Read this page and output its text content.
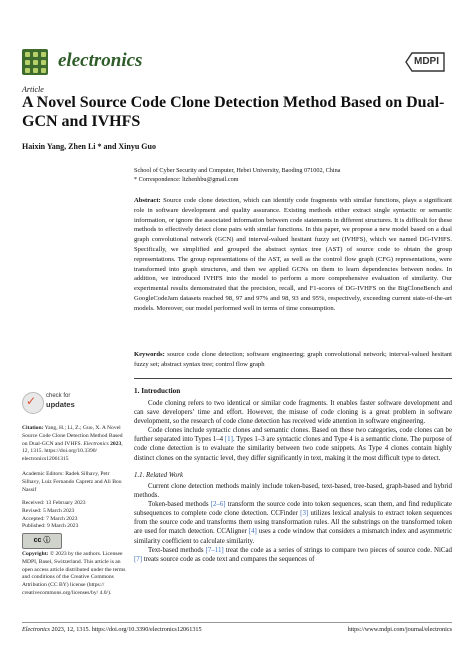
electronics	MDPI
Article
A Novel Source Code Clone Detection Method Based on Dual-GCN and IVHFS
Haixin Yang, Zhen Li * and Xinyu Guo
School of Cyber Security and Computer, Hebei University, Baoding 071002, China
* Correspondence: lizhenhbu@gmail.com
Abstract: Source code clone detection, which can identify code fragments with similar functions, plays a significant role in software development and quality assurance. Existing methods either extract single syntactic or semantic information, or ignore the associated information between code statements in different structures. It is difficult for these methods to effectively detect clone pairs with similar functions. In this paper, we propose a new model based on a dual graph convolutional network (GCN) and interval-valued hesitant fuzzy set (IVHFS), which we named DG-IVHFS. Specifically, we simplified and grouped the abstract syntax tree (AST) of source code to obtain the group representations. The group representations of the AST, as well as the control flow graph (CFG) representations, were transformed into graph structures, and then we applied GCNs on them to learn dependencies between nodes. In addition, we introduced IVHFS into the model to perform a more comprehensive evaluation of similarity. Our experimental results demonstrated that the precision, recall, and F1-scores of DG-IVHFS on the BigCloneBench and GoogleCodeJam datasets reached 98, 97 and 97% and 98, 93 and 95%, respectively, exceeding current state-of-the-art models. Moreover, our model performed well in terms of time consumption.
Keywords: source code clone detection; software engineering; graph convolutional network; interval-valued hesitant fuzzy set; abstract syntax tree; control flow graph
✓ check for
updates
Citation: Yang, H.; Li, Z.; Guo, X. A Novel Source Code Clone Detection Method Based on Dual-GCN and IVHFS. Electronics 2023, 12, 1315. https://doi.org/10.3390/ electronics12061315
Academic Editors: Radek Silhavy, Petr Silhavy, Luiz Fernando Capretz and Ali Bou Nassif
Received: 13 February 2023
Revised: 5 March 2023
Accepted: 7 March 2023
Published: 9 March 2023
cc ⓘ
Copyright: © 2023 by the authors. Licensee MDPI, Basel, Switzerland. This article is an open access article distributed under the terms and conditions of the Creative Commons Attribution (CC BY) license (https:// creativecommons.org/licenses/by/ 4.0/).
1. Introduction

Code cloning refers to two identical or similar code fragments. It enables faster software development and can save developers’ time and effort. However, the misuse of code cloning is a great problem in software development, so the research of code clone detection has received wide attention in software engineering.

Code clones include syntactic clones and semantic clones. Based on these two categories, code clones can be further separated into Types 1–4 [1]. Types 1–3 are syntactic clones and Type 4 is a semantic clone. The purpose of code clone detection is to evaluate the similarity between two code snippets. As Type 4 clones contain highly distinct clones on the syntactic level, they differ significantly in text, making it the most difficult type to detect.

1.1. Related Work

Current clone detection methods mainly include token-based, text-based, tree-based, graph-based and hybrid methods.

Token-based methods [2–6] transform the source code into token sequences, scan them, and find reduplicate subsequences to complete code clone detection. CCFinder [3] utilizes lexical analysis to extract token sequences from the source code and transforms them using transformation rules. All the substrings on the transformed token are used for match detection. CCAligner [4] uses a code window that considers a mismatch index and asymmetric similarity coefficient to calculate similarity.

Text-based methods [7–11] treat the code as a series of strings to compare two pieces of source code. NiCad [7] treats source code as code text and compares the sequences of

Electronics 2023, 12, 1315. https://doi.org/10.3390/electronics12061315	https://www.mdpi.com/journal/electronics
